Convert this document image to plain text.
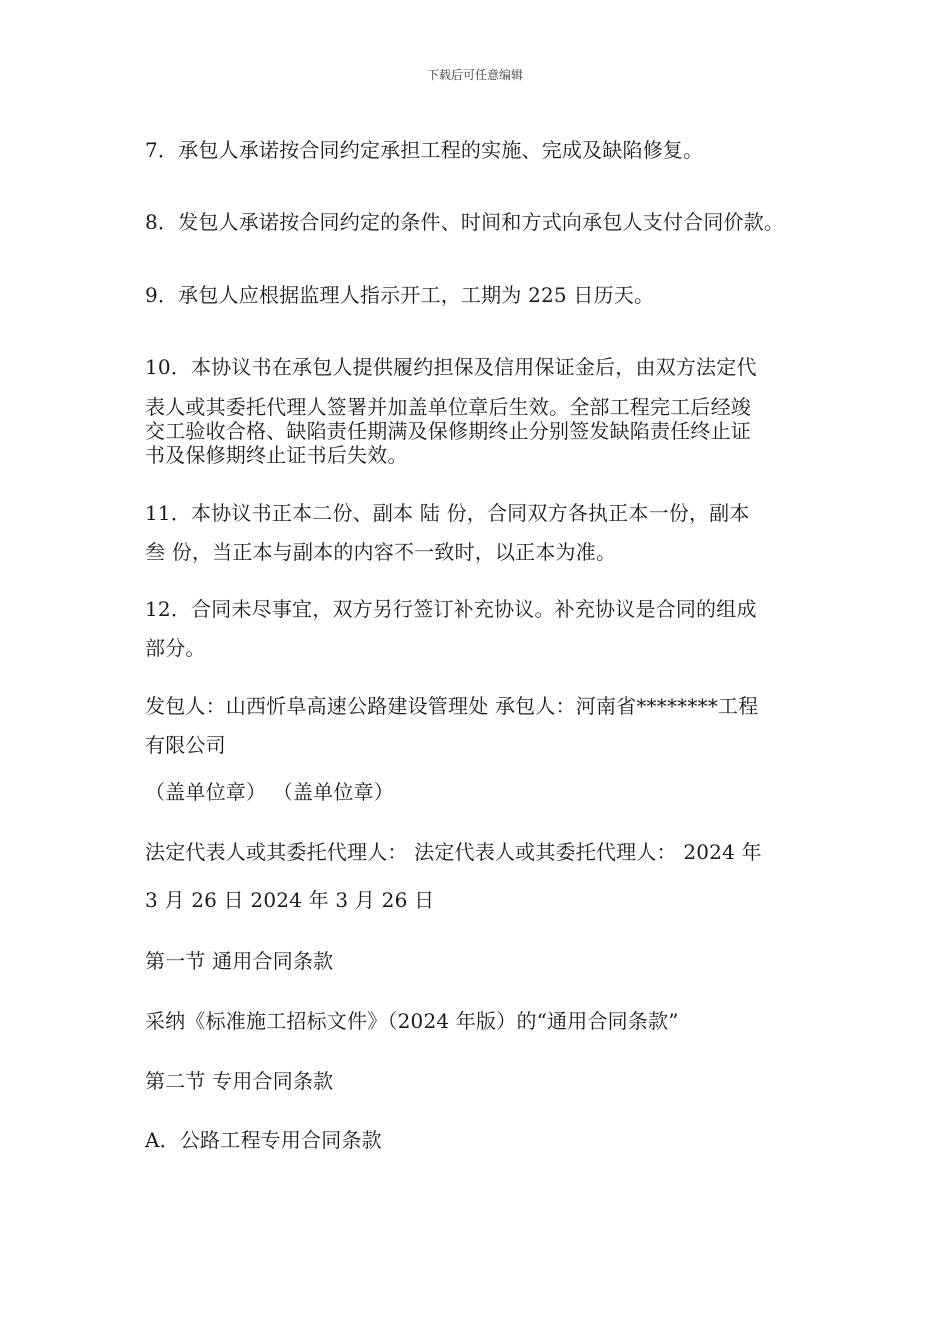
下载后可任意编辑
7．承包人承诺按合同约定承担工程的实施、完成及缺陷修复。
8．发包人承诺按合同约定的条件、时间和方式向承包人支付合同价款。
9．承包人应根据监理人指示开工，工期为 225 日历天。
10．本协议书在承包人提供履约担保及信用保证金后，由双方法定代
表人或其委托代理人签署并加盖单位章后生效。全部工程完工后经竣
交工验收合格、缺陷责任期满及保修期终止分别签发缺陷责任终止证
书及保修期终止证书后失效。
11．本协议书正本二份、副本 陆 份，合同双方各执正本一份，副本
叁 份，当正本与副本的内容不一致时，以正本为准。
12．合同未尽事宜，双方另行签订补充协议。补充协议是合同的组成
部分。
发包人：山西忻阜高速公路建设管理处 承包人：河南省********工程
有限公司
（盖单位章） （盖单位章）
法定代表人或其委托代理人： 法定代表人或其委托代理人： 2024 年
3 月 26 日 2024 年 3 月 26 日
第一节 通用合同条款
采纳《标准施工招标文件》（2024 年版）的“通用合同条款”
第二节 专用合同条款
A．公路工程专用合同条款
